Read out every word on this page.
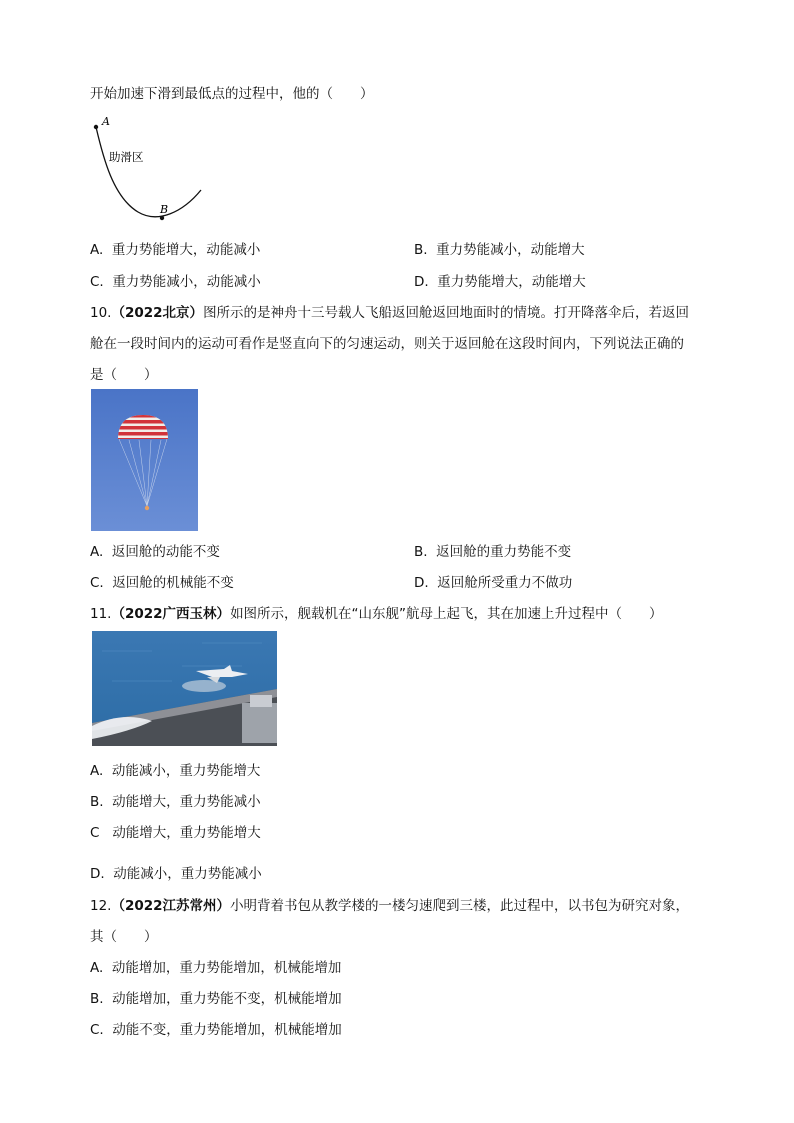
开始加速下滑到最低点的过程中，他的（　　）
A
B
助滑区
A. 重力势能增大，动能减小	B. 重力势能减小，动能增大
C. 重力势能减小，动能减小	D. 重力势能增大，动能增大
10.（2022北京）图所示的是神舟十三号载人飞船返回舱返回地面时的情境。打开降落伞后，若返回
舱在一段时间内的运动可看作是竖直向下的匀速运动，则关于返回舱在这段时间内，下列说法正确的
是（　　）
A. 返回舱的动能不变	B. 返回舱的重力势能不变
C. 返回舱的机械能不变	D. 返回舱所受重力不做功
11.（2022广西玉林）如图所示，舰载机在“山东舰”航母上起飞，其在加速上升过程中（　　）
A. 动能减小，重力势能增大
B. 动能增大，重力势能减小
C 动能增大，重力势能增大
D. 动能减小，重力势能减小
12.（2022江苏常州）小明背着书包从教学楼的一楼匀速爬到三楼，此过程中，以书包为研究对象，
其（　　）
A. 动能增加，重力势能增加，机械能增加
B. 动能增加，重力势能不变，机械能增加
C. 动能不变，重力势能增加，机械能增加
